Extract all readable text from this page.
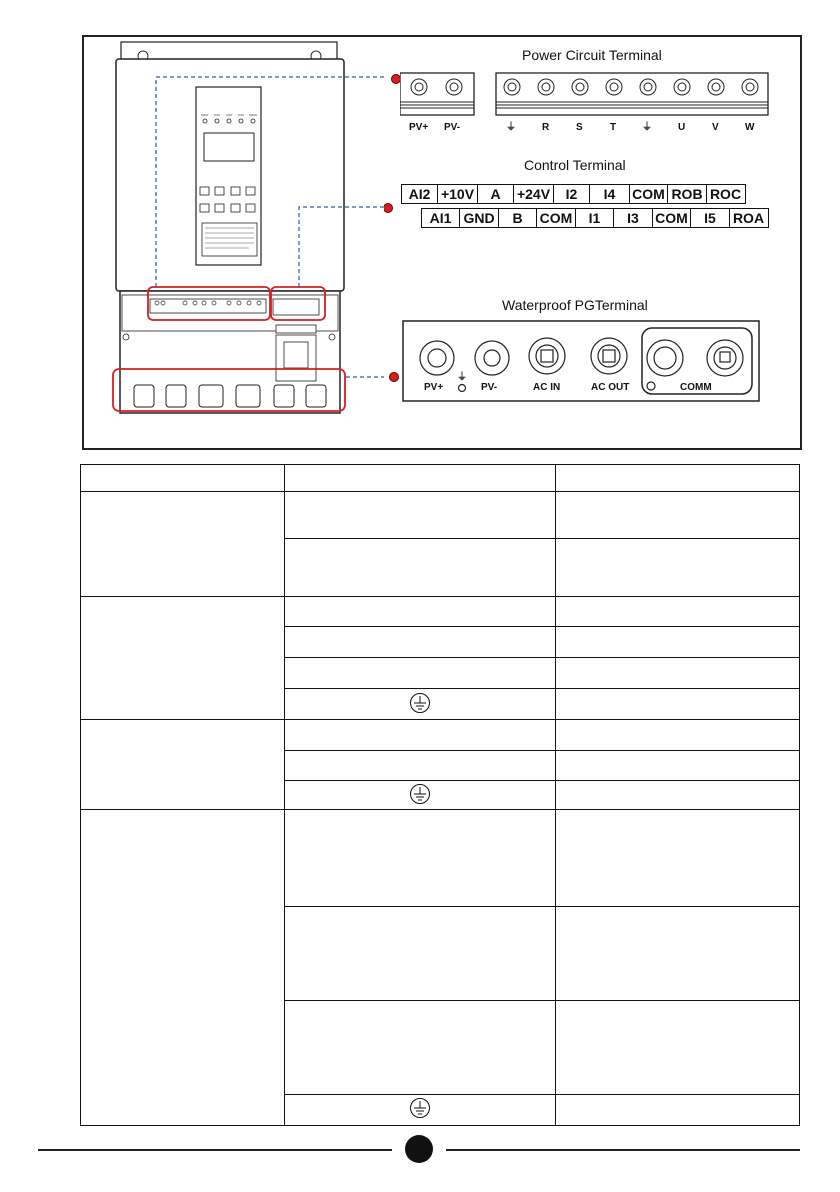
Power Circuit Terminal
PV+ PV-	⏚	R	S	T	⏚	U	V	W
Control Terminal
AI2 +10V	A	+24V	I2	I4	COM ROB ROC
AI1 GND	B	COM	I1	I3	COM	I5	ROA
Waterproof PGTerminal
⏚
PV+	PV-	AC IN	AC OUT	COMM
